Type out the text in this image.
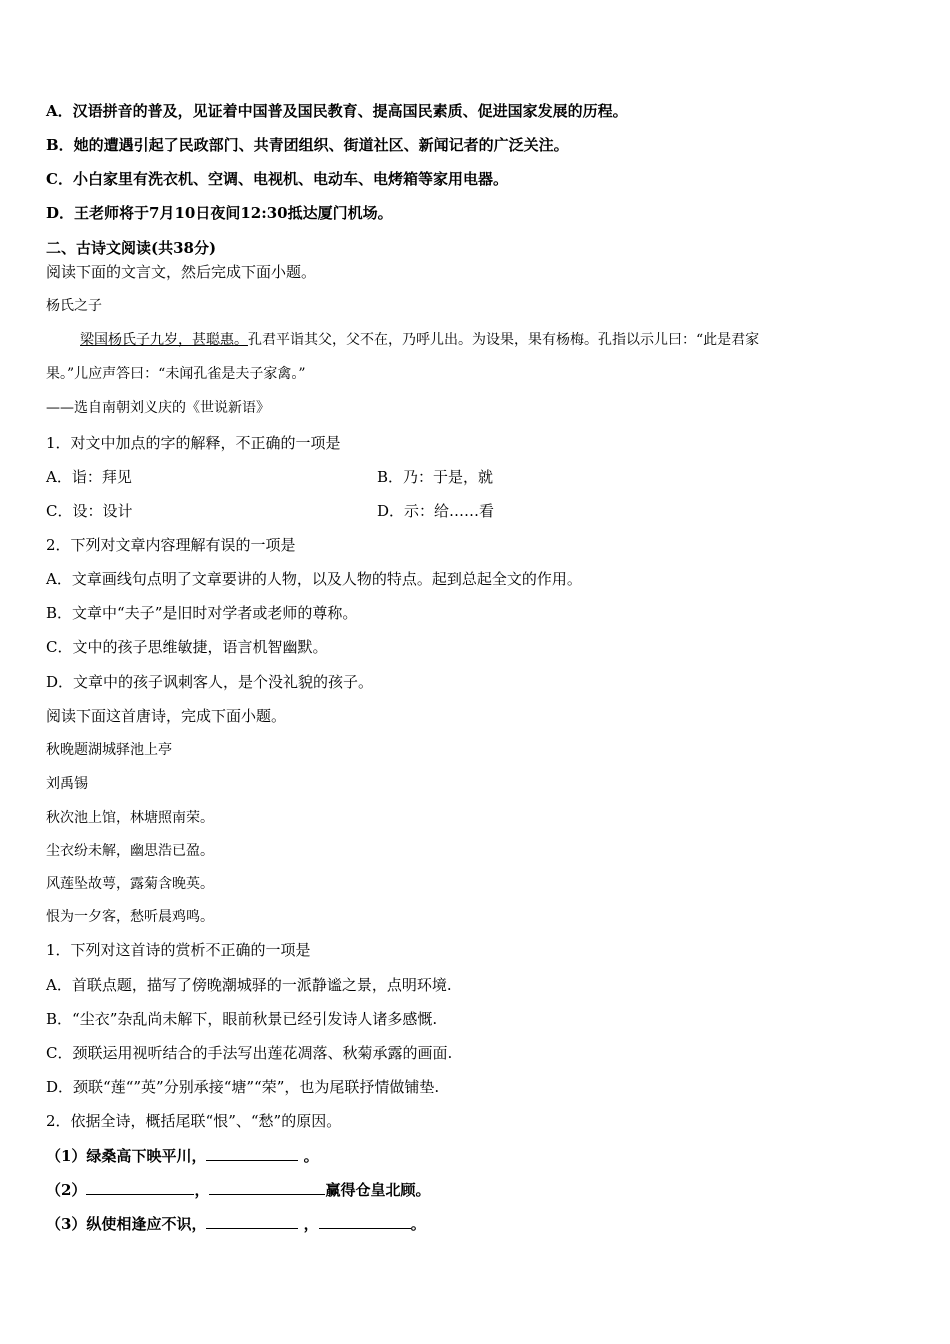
A．汉语拼音的普及，见证着中国普及国民教育、提高国民素质、促进国家发展的历程。
B．她的遭遇引起了民政部门、共青团组织、街道社区、新闻记者的广泛关注。
C．小白家里有洗衣机、空调、电视机、电动车、电烤箱等家用电器。
D．王老师将于7月10日夜间12:30抵达厦门机场。
二、古诗文阅读(共38分)
阅读下面的文言文，然后完成下面小题。
杨氏之子
梁国杨氏子九岁，甚聪惠。孔君平诣其父，父不在，乃呼儿出。为设果，果有杨梅。孔指以示儿曰：“此是君家
果。”儿应声答曰：“未闻孔雀是夫子家禽。”
——选自南朝刘义庆的《世说新语》
1．对文中加点的字的解释，不正确的一项是
A．诣：拜见	B．乃：于是，就
C．设：设计	D．示：给……看
2．下列对文章内容理解有误的一项是
A．文章画线句点明了文章要讲的人物，以及人物的特点。起到总起全文的作用。
B．文章中“夫子”是旧时对学者或老师的尊称。
C．文中的孩子思维敏捷，语言机智幽默。
D．文章中的孩子讽刺客人，是个没礼貌的孩子。
阅读下面这首唐诗，完成下面小题。
秋晚题湖城驿池上亭
刘禹锡
秋次池上馆，林塘照南荣。
尘衣纷未解，幽思浩已盈。
风莲坠故萼，露菊含晚英。
恨为一夕客，愁听晨鸡鸣。
1．下列对这首诗的赏析不正确的一项是
A．首联点题，描写了傍晚潮城驿的一派静谧之景，点明环境.
B．“尘衣”杂乱尚未解下，眼前秋景已经引发诗人诸多感慨.
C．颈联运用视听结合的手法写出莲花凋落、秋菊承露的画面.
D．颈联“莲“”英”分别承接“塘”“荣”，也为尾联抒情做铺垫.
2．依据全诗，概括尾联“恨”、“愁”的原因。
（1）绿桑高下映平川，	。
（2）	，	赢得仓皇北顾。
（3）纵使相逢应不识，	，	。
